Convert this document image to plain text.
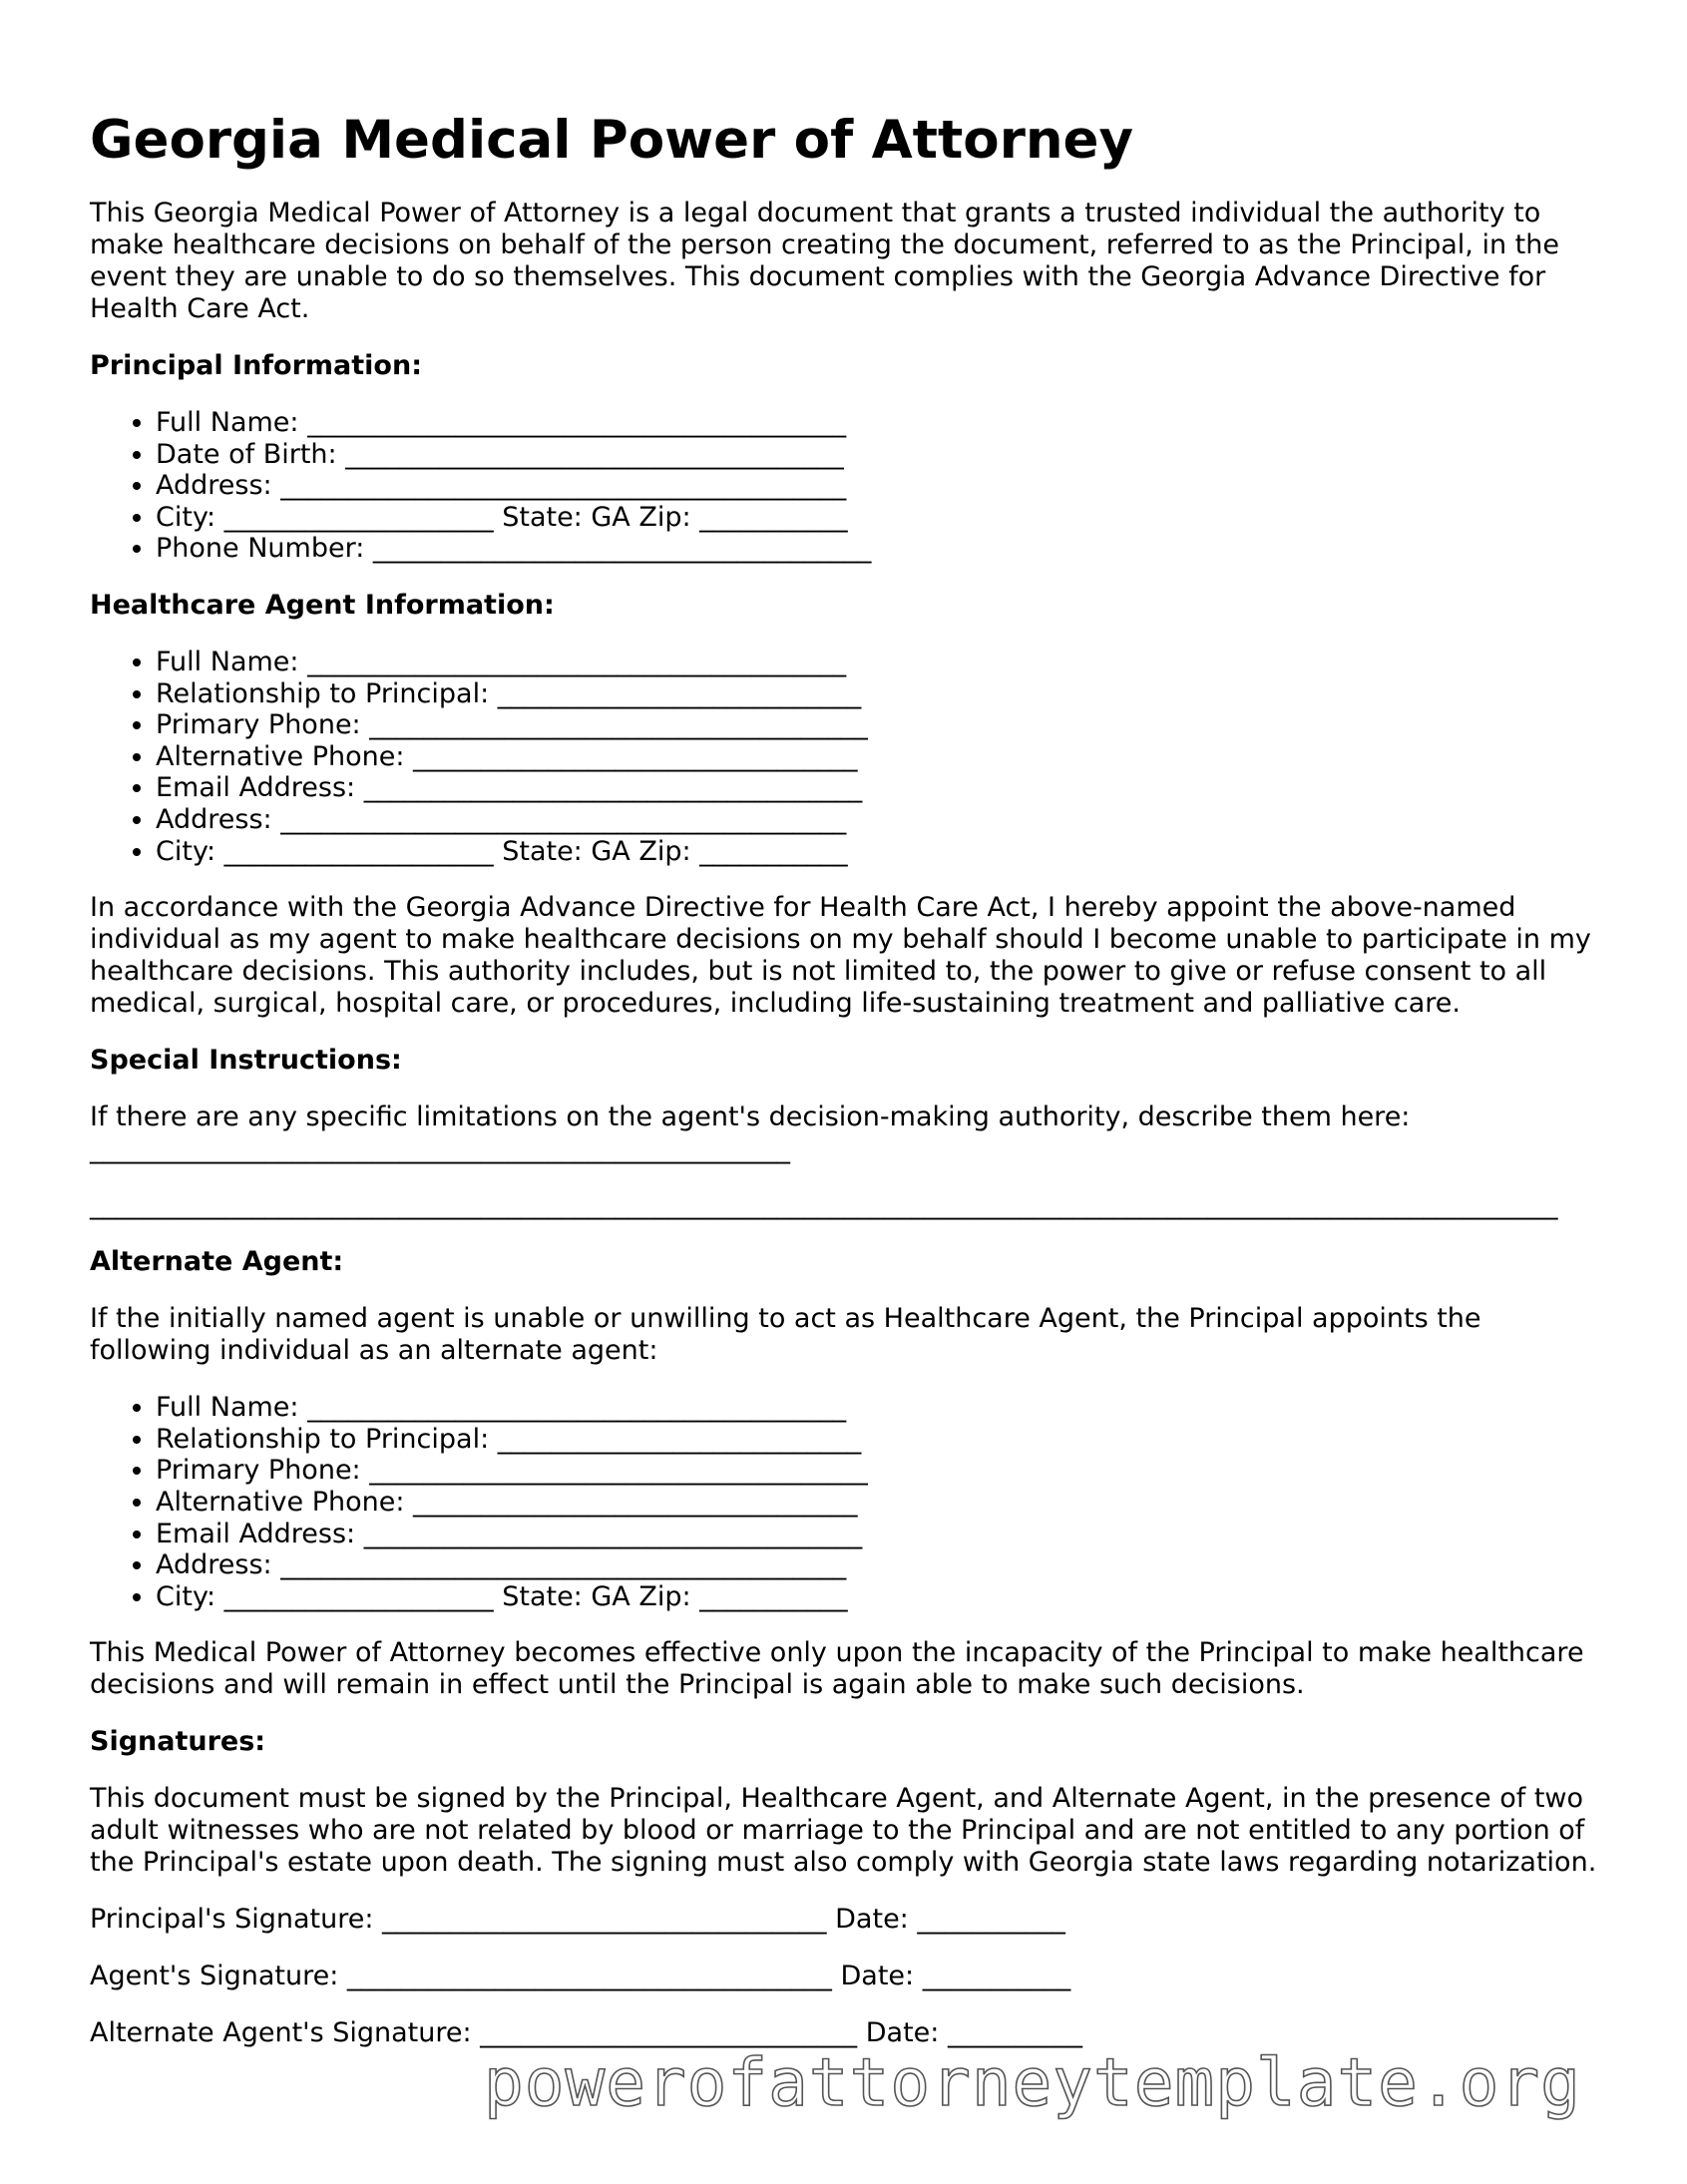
Georgia Medical Power of Attorney

This Georgia Medical Power of Attorney is a legal document that grants a trusted individual the authority to make healthcare decisions on behalf of the person creating the document, referred to as the Principal, in the event they are unable to do so themselves. This document complies with the Georgia Advance Directive for Health Care Act.

Principal Information:
• Full Name: ________________________________________
• Date of Birth: _____________________________________
• Address: __________________________________________
• City: ____________________ State: GA Zip: ___________
• Phone Number: _____________________________________
Healthcare Agent Information:
• Full Name: ________________________________________
• Relationship to Principal: ___________________________
• Primary Phone: _____________________________________
• Alternative Phone: _________________________________
• Email Address: _____________________________________
• Address: __________________________________________
• City: ____________________ State: GA Zip: ___________

In accordance with the Georgia Advance Directive for Health Care Act, I hereby appoint the above-named individual as my agent to make healthcare decisions on my behalf should I become unable to participate in my healthcare decisions. This authority includes, but is not limited to, the power to give or refuse consent to all medical, surgical, hospital care, or procedures, including life-sustaining treatment and palliative care.

Special Instructions:
If there are any specific limitations on the agent's decision-making authority, describe them here:
____________________________________________________
_____________________________________________________________________________________________________________
Alternate Agent:

If the initially named agent is unable or unwilling to act as Healthcare Agent, the Principal appoints the following individual as an alternate agent:

• Full Name: ________________________________________
• Relationship to Principal: ___________________________
• Primary Phone: _____________________________________
• Alternative Phone: _________________________________
• Email Address: _____________________________________
• Address: __________________________________________
• City: ____________________ State: GA Zip: ___________

This Medical Power of Attorney becomes effective only upon the incapacity of the Principal to make healthcare decisions and will remain in effect until the Principal is again able to make such decisions.

Signatures:

This document must be signed by the Principal, Healthcare Agent, and Alternate Agent, in the presence of two adult witnesses who are not related by blood or marriage to the Principal and are not entitled to any portion of the Principal's estate upon death. The signing must also comply with Georgia state laws regarding notarization.

Principal's Signature: _________________________________ Date: ___________
Agent's Signature: ____________________________________ Date: ___________
Alternate Agent's Signature: ____________________________ Date: __________
powerofattorneytemplate.org
